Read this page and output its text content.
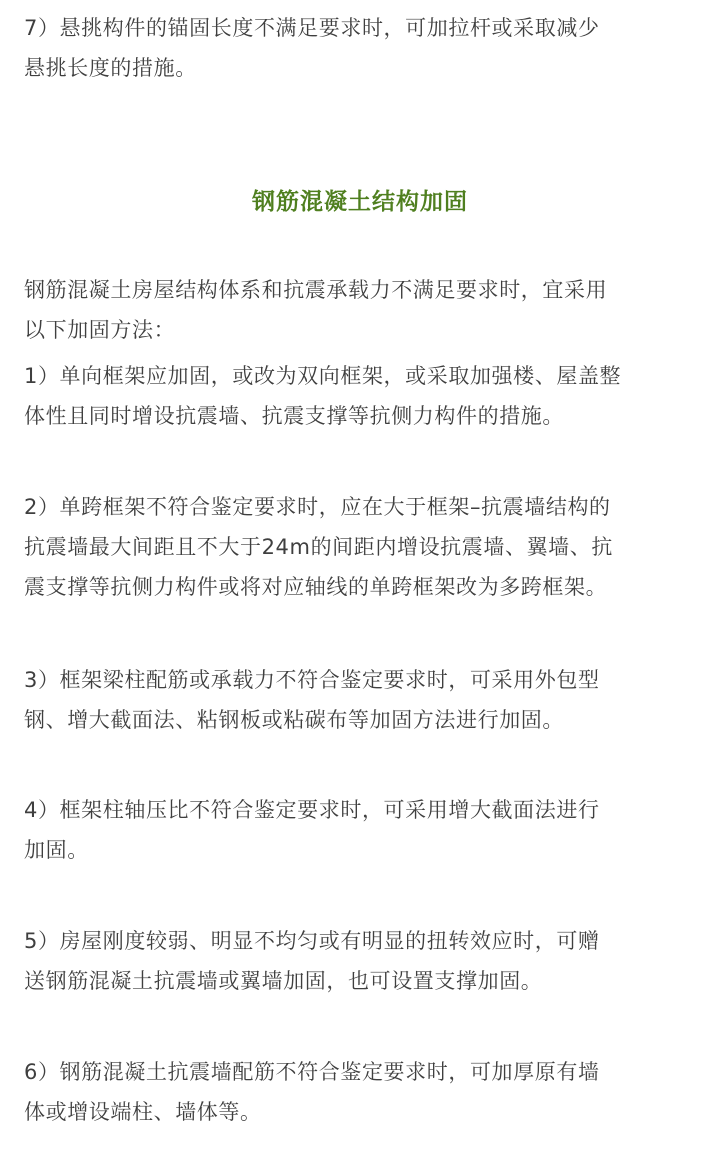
7）悬挑构件的锚固长度不满足要求时，可加拉杆或采取减少
悬挑长度的措施。

钢筋混凝土结构加固

钢筋混凝土房屋结构体系和抗震承载力不满足要求时，宜采用
以下加固方法：

1）单向框架应加固，或改为双向框架，或采取加强楼、屋盖整
体性且同时增设抗震墙、抗震支撑等抗侧力构件的措施。

2）单跨框架不符合鉴定要求时，应在大于框架–抗震墙结构的
抗震墙最大间距且不大于24m的间距内增设抗震墙、翼墙、抗
震支撑等抗侧力构件或将对应轴线的单跨框架改为多跨框架。

3）框架梁柱配筋或承载力不符合鉴定要求时，可采用外包型
钢、增大截面法、粘钢板或粘碳布等加固方法进行加固。

4）框架柱轴压比不符合鉴定要求时，可采用增大截面法进行
加固。

5）房屋刚度较弱、明显不均匀或有明显的扭转效应时，可赠
送钢筋混凝土抗震墙或翼墙加固，也可设置支撑加固。

6）钢筋混凝土抗震墙配筋不符合鉴定要求时，可加厚原有墙
体或增设端柱、墙体等。
